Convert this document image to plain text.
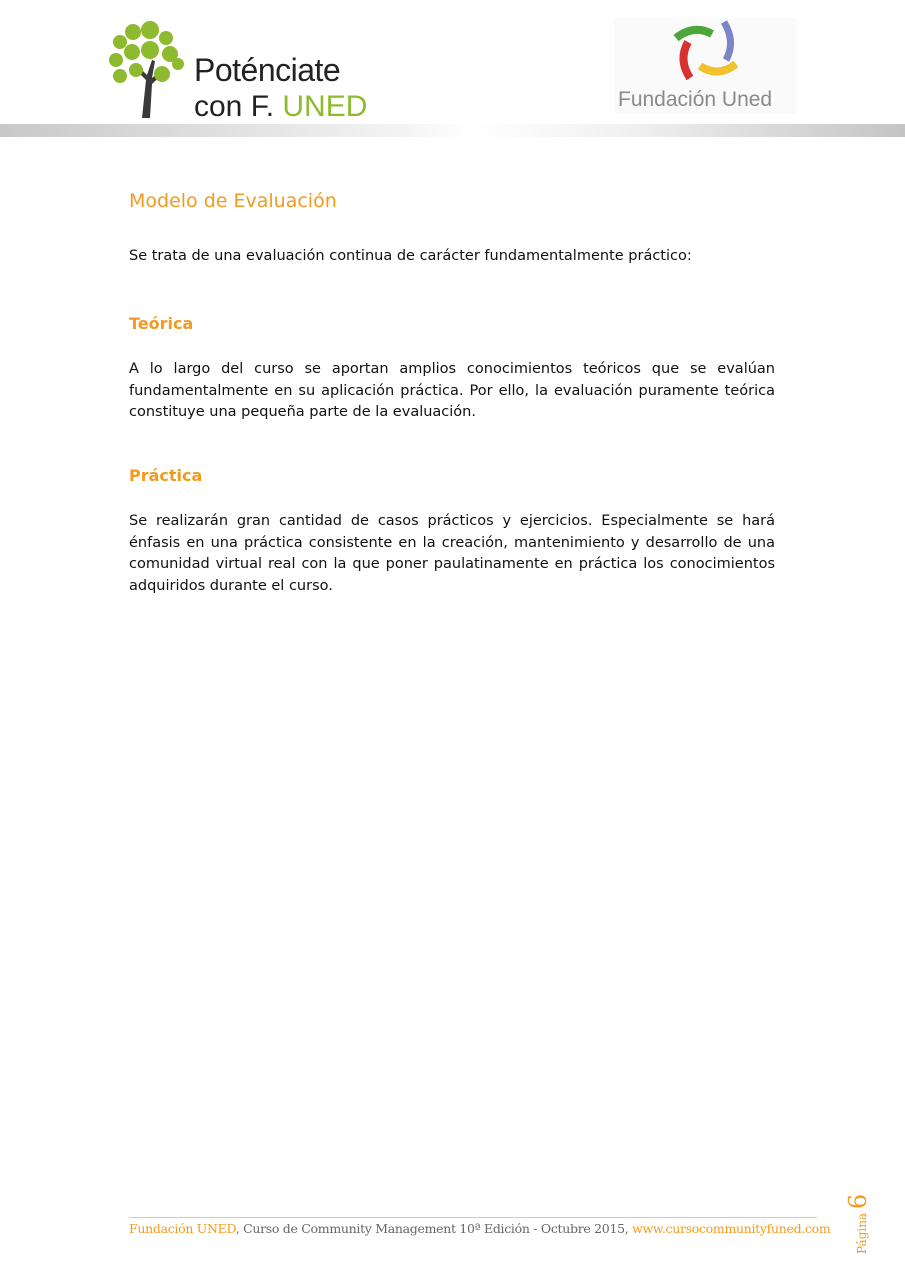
Poténciate
con F. UNED	Fundación Uned
Modelo de Evaluación
Se trata de una evaluación continua de carácter fundamentalmente práctico:
Teórica
A lo largo del curso se aportan amplios conocimientos teóricos que se evalúan fundamentalmente en su aplicación práctica. Por ello, la evaluación puramente teórica constituye una pequeña parte de la evaluación.
Práctica
Se realizarán gran cantidad de casos prácticos y ejercicios. Especialmente se hará énfasis en una práctica consistente en la creación, mantenimiento y desarrollo de una comunidad virtual real con la que poner paulatinamente en práctica los conocimientos adquiridos durante el curso.
Fundación UNED, Curso de Community Management 10ª Edición - Octubre 2015, www.cursocommunityfuned.com	Página 6
